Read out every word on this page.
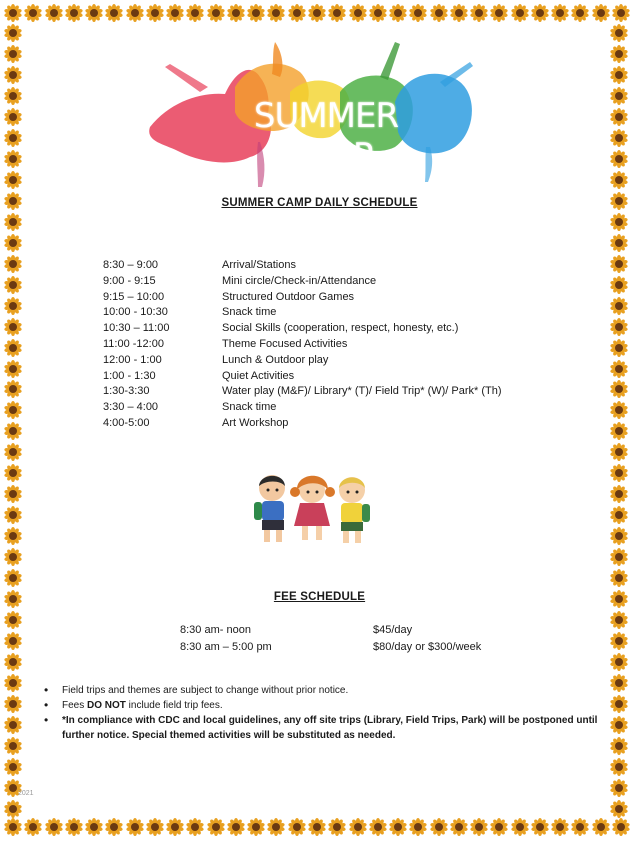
SUMMER CAMP
SUMMER CAMP DAILY SCHEDULE
8:30 – 9:00	Arrival/Stations
9:00 - 9:15	Mini circle/Check-in/Attendance
9:15 – 10:00	Structured Outdoor Games
10:00 - 10:30	Snack time
10:30 – 11:00	Social Skills (cooperation, respect, honesty, etc.)
11:00 -12:00	Theme Focused Activities
12:00 - 1:00	Lunch & Outdoor play
1:00 - 1:30	Quiet Activities
1:30-3:30	Water play (M&F)/ Library* (T)/ Field Trip* (W)/ Park* (Th)
3:30 – 4:00	Snack time
4:00-5:00	Art Workshop
FEE SCHEDULE
8:30 am- noon	$45/day
8:30 am – 5:00 pm	$80/day or $300/week
•	Field trips and themes are subject to change without prior notice.
•	Fees DO NOT include field trip fees.
•	*In compliance with CDC and local guidelines, any off site trips (Library, Field Trips, Park) will be postponed until further notice. Special themed activities will be substituted as needed.
2021
